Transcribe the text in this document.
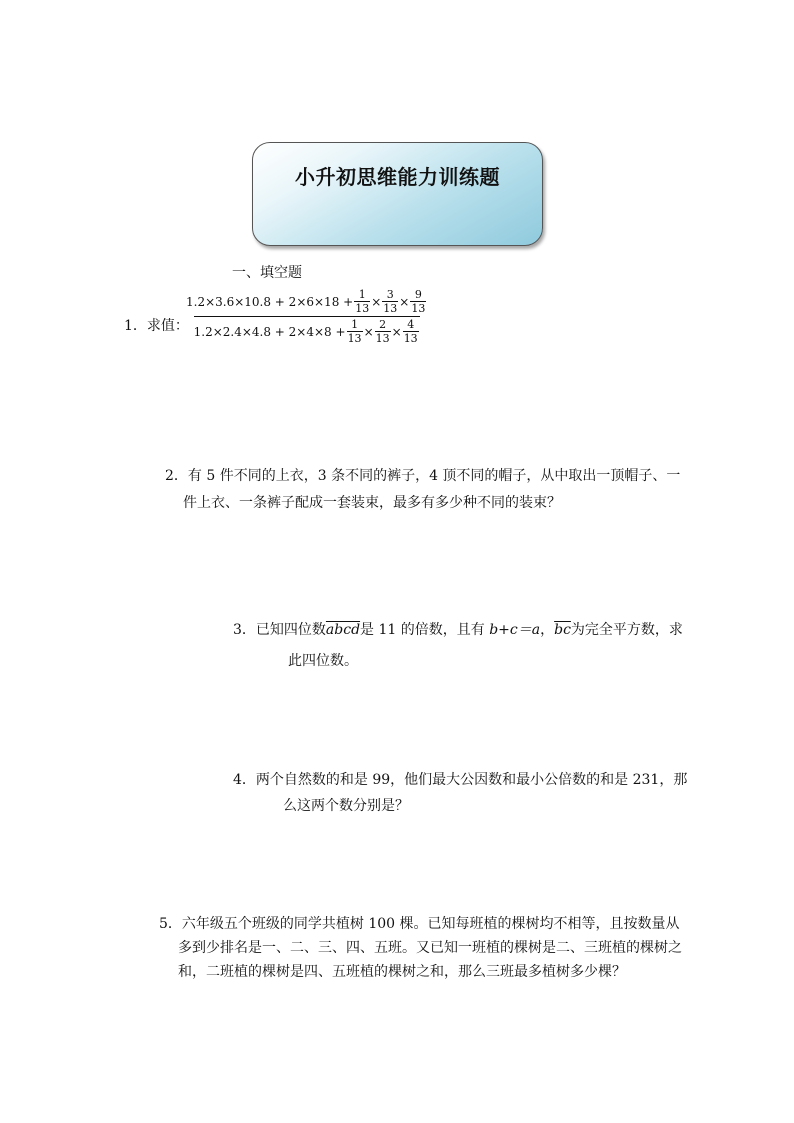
小升初思维能力训练题
一、填空题
1．求值：
$1.2\times 3.6\times 10.8 + 2\times 6\times 18 + \frac{1}{13} \times \frac{3}{13} \times \frac{9}{13}$
$1.2\times 2.4\times 4.8 + 2\times 4\times 8 + \frac{1}{13} \times \frac{2}{13} \times \frac{4}{13}$
2．有 5 件不同的上衣，3 条不同的裤子，4 顶不同的帽子，从中取出一顶帽子、一
件上衣、一条裤子配成一套装束，最多有多少种不同的装束？
3．已知四位数abcd是 11 的倍数，且有 b+c＝a，$\overline{bc}$为完全平方数，求
此四位数。
4．两个自然数的和是 99，他们最大公因数和最小公倍数的和是 231，那
么这两个数分别是？
5．六年级五个班级的同学共植树 100 棵。已知每班植的棵树均不相等，且按数量从
多到少排名是一、二、三、四、五班。又已知一班植的棵树是二、三班植的棵树之
和，二班植的棵树是四、五班植的棵树之和，那么三班最多植树多少棵？
